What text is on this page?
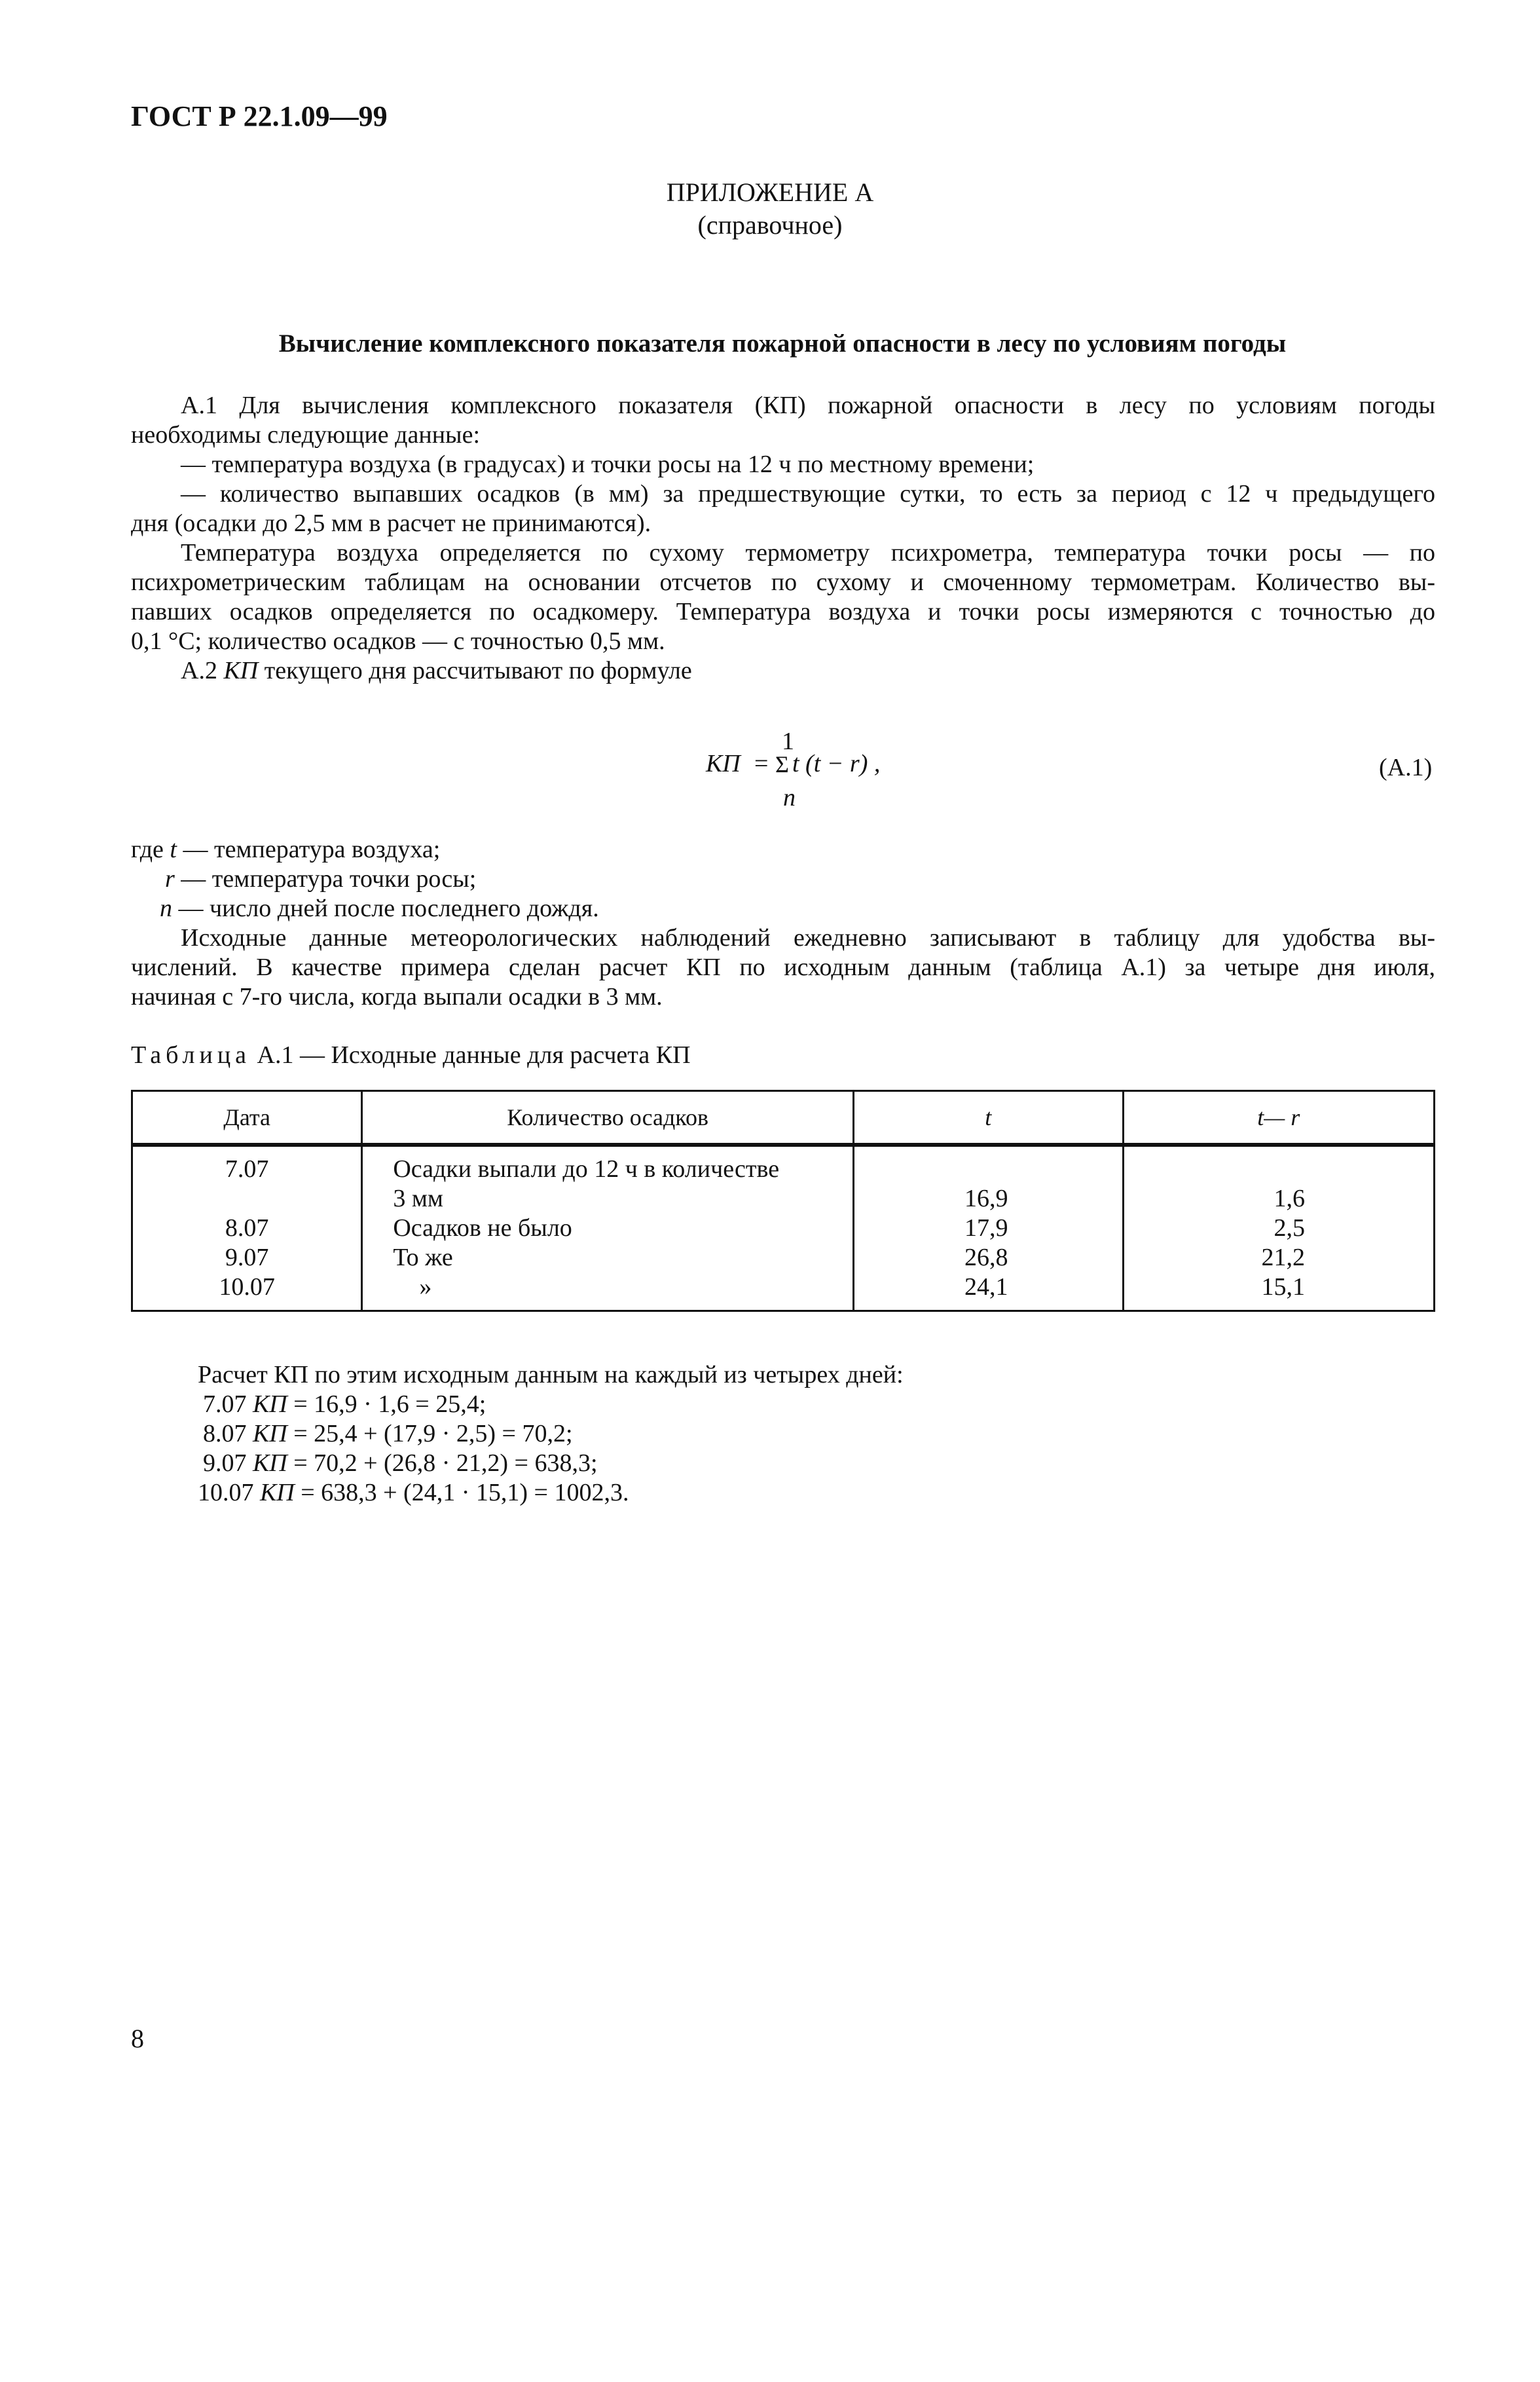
ГОСТ Р 22.1.09—99
ПРИЛОЖЕНИЕ А
(справочное)
Вычисление комплексного показателя пожарной опасности в лесу по условиям погоды
А.1 Для вычисления комплексного показателя (КП) пожарной опасности в лесу по условиям погоды
необходимы следующие данные:
— температура воздуха (в градусах) и точки росы на 12 ч по местному времени;
— количество выпавших осадков (в мм) за предшествующие сутки, то есть за период с 12 ч предыдущего
дня (осадки до 2,5 мм в расчет не принимаются).
Температура воздуха определяется по сухому термометру психрометра, температура точки росы — по
психрометрическим таблицам на основании отсчетов по сухому и смоченному термометрам. Количество вы-
павших осадков определяется по осадкомеру. Температура воздуха и точки росы измеряются с точностью до
0,1 °С; количество осадков — с точностью 0,5 мм.
А.2 КП текущего дня рассчитывают по формуле
КП = Σ
1
n
t (t − r) ,	(А.1)
где t — температура воздуха;
r — температура точки росы;
n — число дней после последнего дождя.
Исходные данные метеорологических наблюдений ежедневно записывают в таблицу для удобства вы-
числений. В качестве примера сделан расчет КП по исходным данным (таблица А.1) за четыре дня июля,
начиная с 7-го числа, когда выпали осадки в 3 мм.
Таблица А.1 — Исходные данные для расчета КП
Дата	Количество осадков	t	t— r

7.07	Осадки выпали до 12 ч в количестве		
	3 мм	16,9	1,6
8.07	Осадков не было	17,9	2,5
9.07	То же	26,8	21,2
10.07	»	24,1	15,1
Расчет КП по этим исходным данным на каждый из четырех дней:
7.07 КП = 16,9 · 1,6 = 25,4;
8.07 КП = 25,4 + (17,9 · 2,5) = 70,2;
9.07 КП = 70,2 + (26,8 · 21,2) = 638,3;
10.07 КП = 638,3 + (24,1 · 15,1) = 1002,3.
8
